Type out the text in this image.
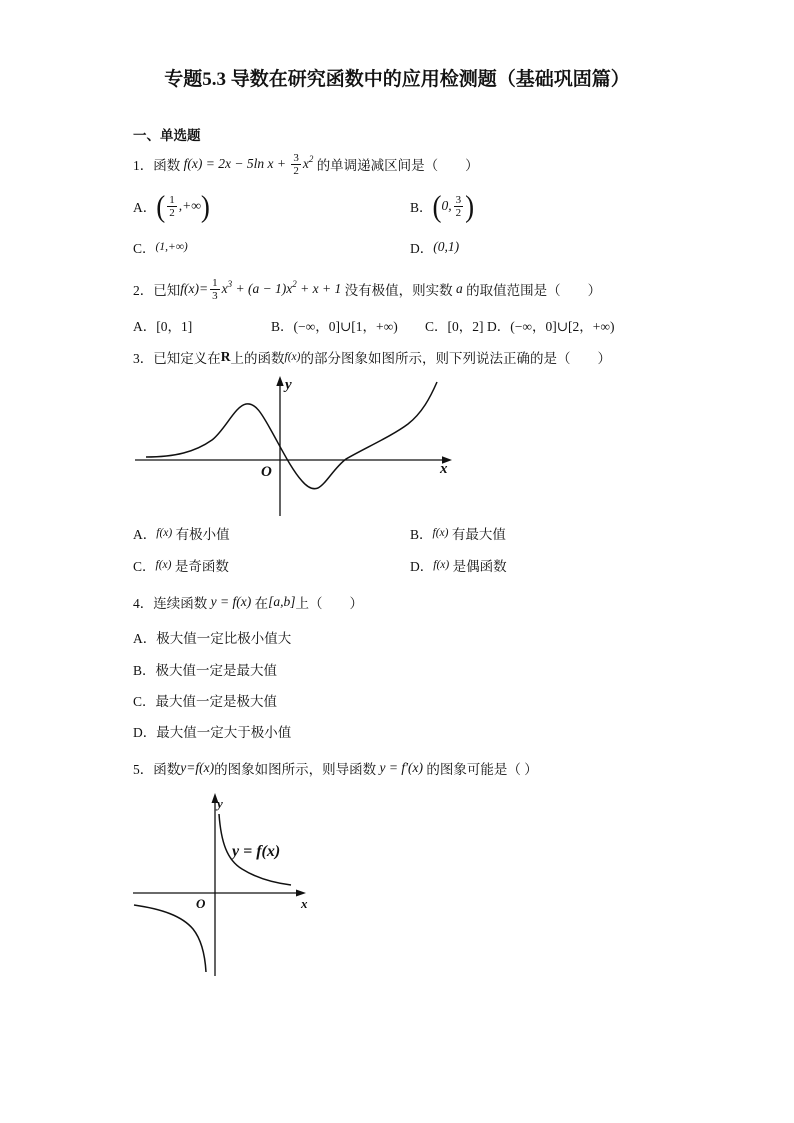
专题5.3 导数在研究函数中的应用检测题（基础巩固篇）
一、单选题
1． 函数 f(x) = 2x − 5ln $x + \frac{3}{2} x^2$ 的单调递减区间是（　　）
A． ( $\frac{1}{2}$ ,+∞ )	B． ( 0, $\frac{3}{2}$ )
C． (1,+∞)	D． (0,1)
2． 已知 $f(x)= \frac{1}{3} x^3 + (a - 1)x^2 + x + 1$ 没有极值，则实数 a 的取值范围是（　　）
A．[0，1]	B．(−∞，0]∪[1，+∞) C．[0，2] D．(−∞，0]∪[2，+∞)
3． 已知定义在 R 上的函数 f(x) 的部分图象如图所示，则下列说法正确的是（　　）
x
y
O
A． f(x) 有极小值	B． f(x) 有最大值
C． f(x) 是奇函数	D． f(x) 是偶函数
4． 连续函数 y = f(x) 在 [a,b] 上（　　）
A．极大值一定比极小值大
B．极大值一定是最大值
C．最大值一定是极大值
D．最大值一定大于极小值
5． 函数 y=f(x) 的图象如图所示，则导函数 y = f′(x) 的图象可能是（ ）
y
x
O
y = f(x)
